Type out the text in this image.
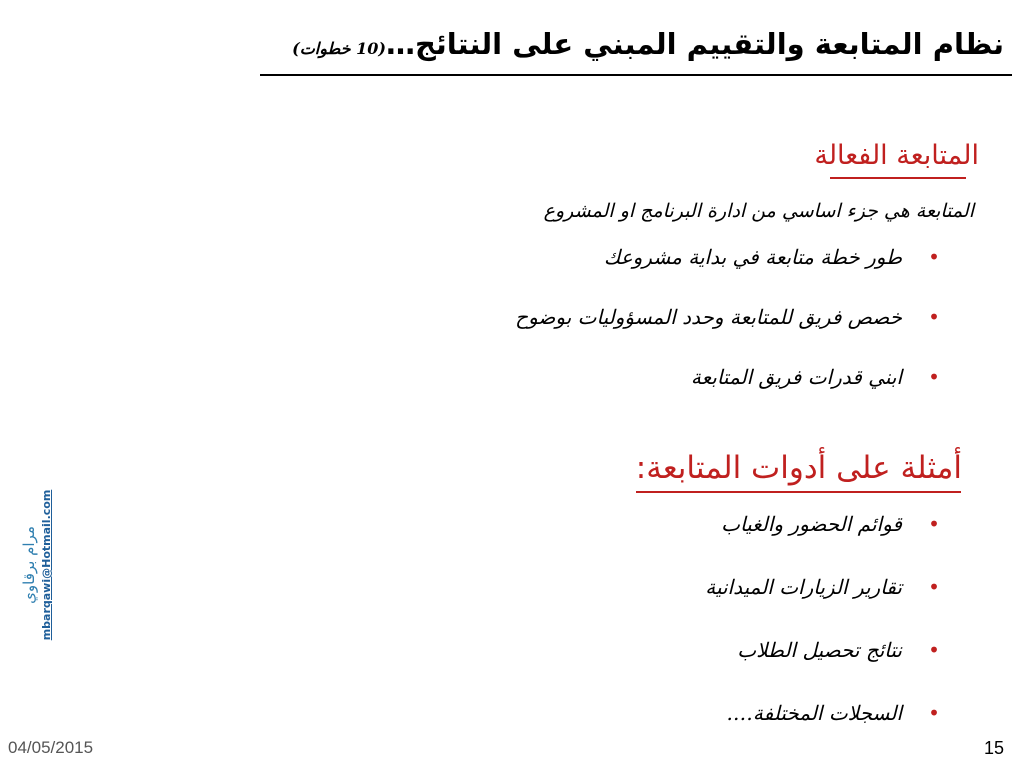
نظام المتابعة والتقييم المبني على النتائج…(10 خطوات)
المتابعة الفعالة
المتابعة هي جزء اساسي من ادارة البرنامج او المشروع
•
طور خطة متابعة في بداية مشروعك
•
خصص فريق للمتابعة وحدد المسؤوليات بوضوح
•
ابني قدرات فريق المتابعة
أمثلة على أدوات المتابعة:
•
قوائم الحضور والغياب
•
تقارير الزيارات الميدانية
•
نتائج تحصيل الطلاب
•
السجلات المختلفة….
مرام برقاوي mbarqawi@Hotmail.com
04/05/2015	15
